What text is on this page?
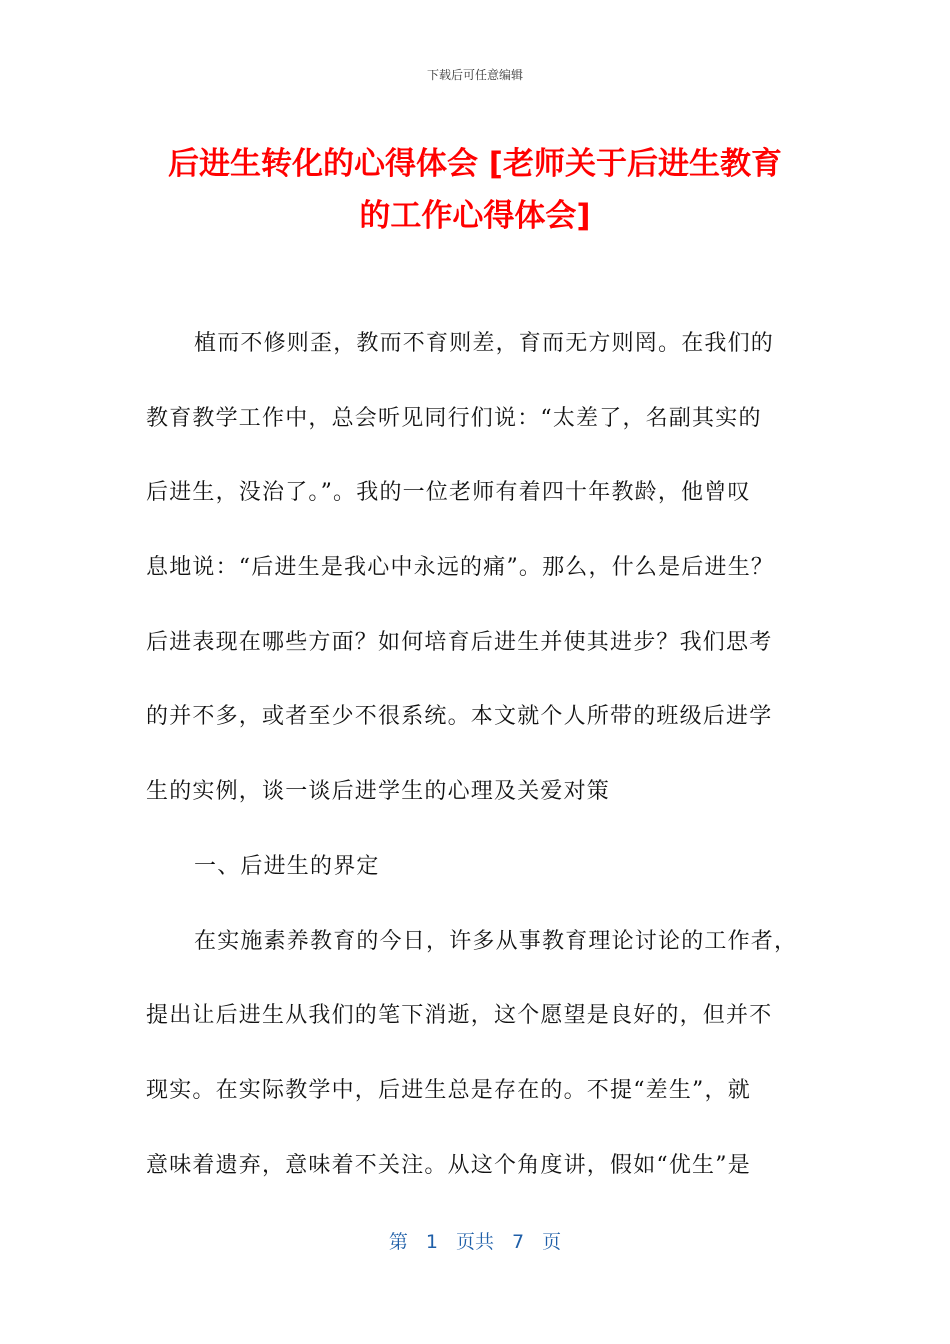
下载后可任意编辑
后进生转化的心得体会 [老师关于后进生教育
的工作心得体会]
植而不修则歪，教而不育则差，育而无方则罔。在我们的
教育教学工作中，总会听见同行们说：“太差了，名副其实的
后进生，没治了。”。我的一位老师有着四十年教龄，他曾叹
息地说：“后进生是我心中永远的痛”。那么，什么是后进生？
后进表现在哪些方面？如何培育后进生并使其进步？我们思考
的并不多，或者至少不很系统。本文就个人所带的班级后进学
生的实例，谈一谈后进学生的心理及关爱对策
一、后进生的界定
在实施素养教育的今日，许多从事教育理论讨论的工作者，
提出让后进生从我们的笔下消逝，这个愿望是良好的，但并不
现实。在实际教学中，后进生总是存在的。不提“差生”，就
意味着遗弃，意味着不关注。从这个角度讲，假如“优生”是
第 1 页共 7 页
